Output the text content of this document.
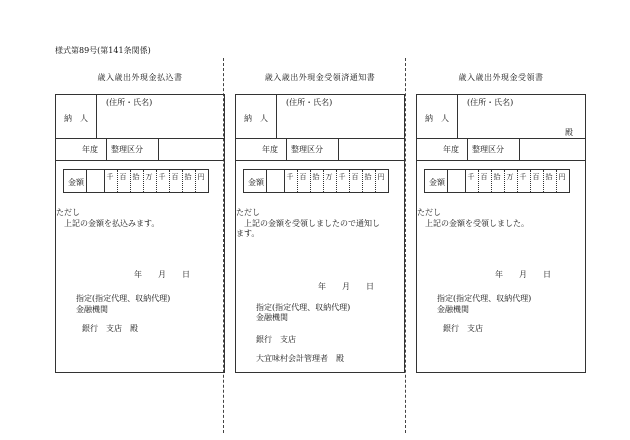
様式第89号(第141条関係)
歳入歳出外現金払込書
(住所・氏名)
納　人
年度 整理区分
金額
千 百 拾 万 千 百 拾 円
ただし
上記の金額を払込みます。
年　　月　　日
指定(指定代理、収納代理)
金融機関
銀行　支店　殿
歳入歳出外現金受領済通知書
(住所・氏名)
納　人
年度 整理区分
金額
千 百 拾 万 千 百 拾 円
ただし
上記の金額を受領しましたので通知し
ます。
年　　月　　日
指定(指定代理、収納代理)
金融機関
銀行　支店
大宜味村会計管理者　殿
歳入歳出外現金受領書
(住所・氏名)
納　人
殿
年度 整理区分
金額
千 百 拾 万 千 百 拾 円
ただし
上記の金額を受領しました。
年　　月　　日
指定(指定代理、収納代理)
金融機関
銀行　支店
